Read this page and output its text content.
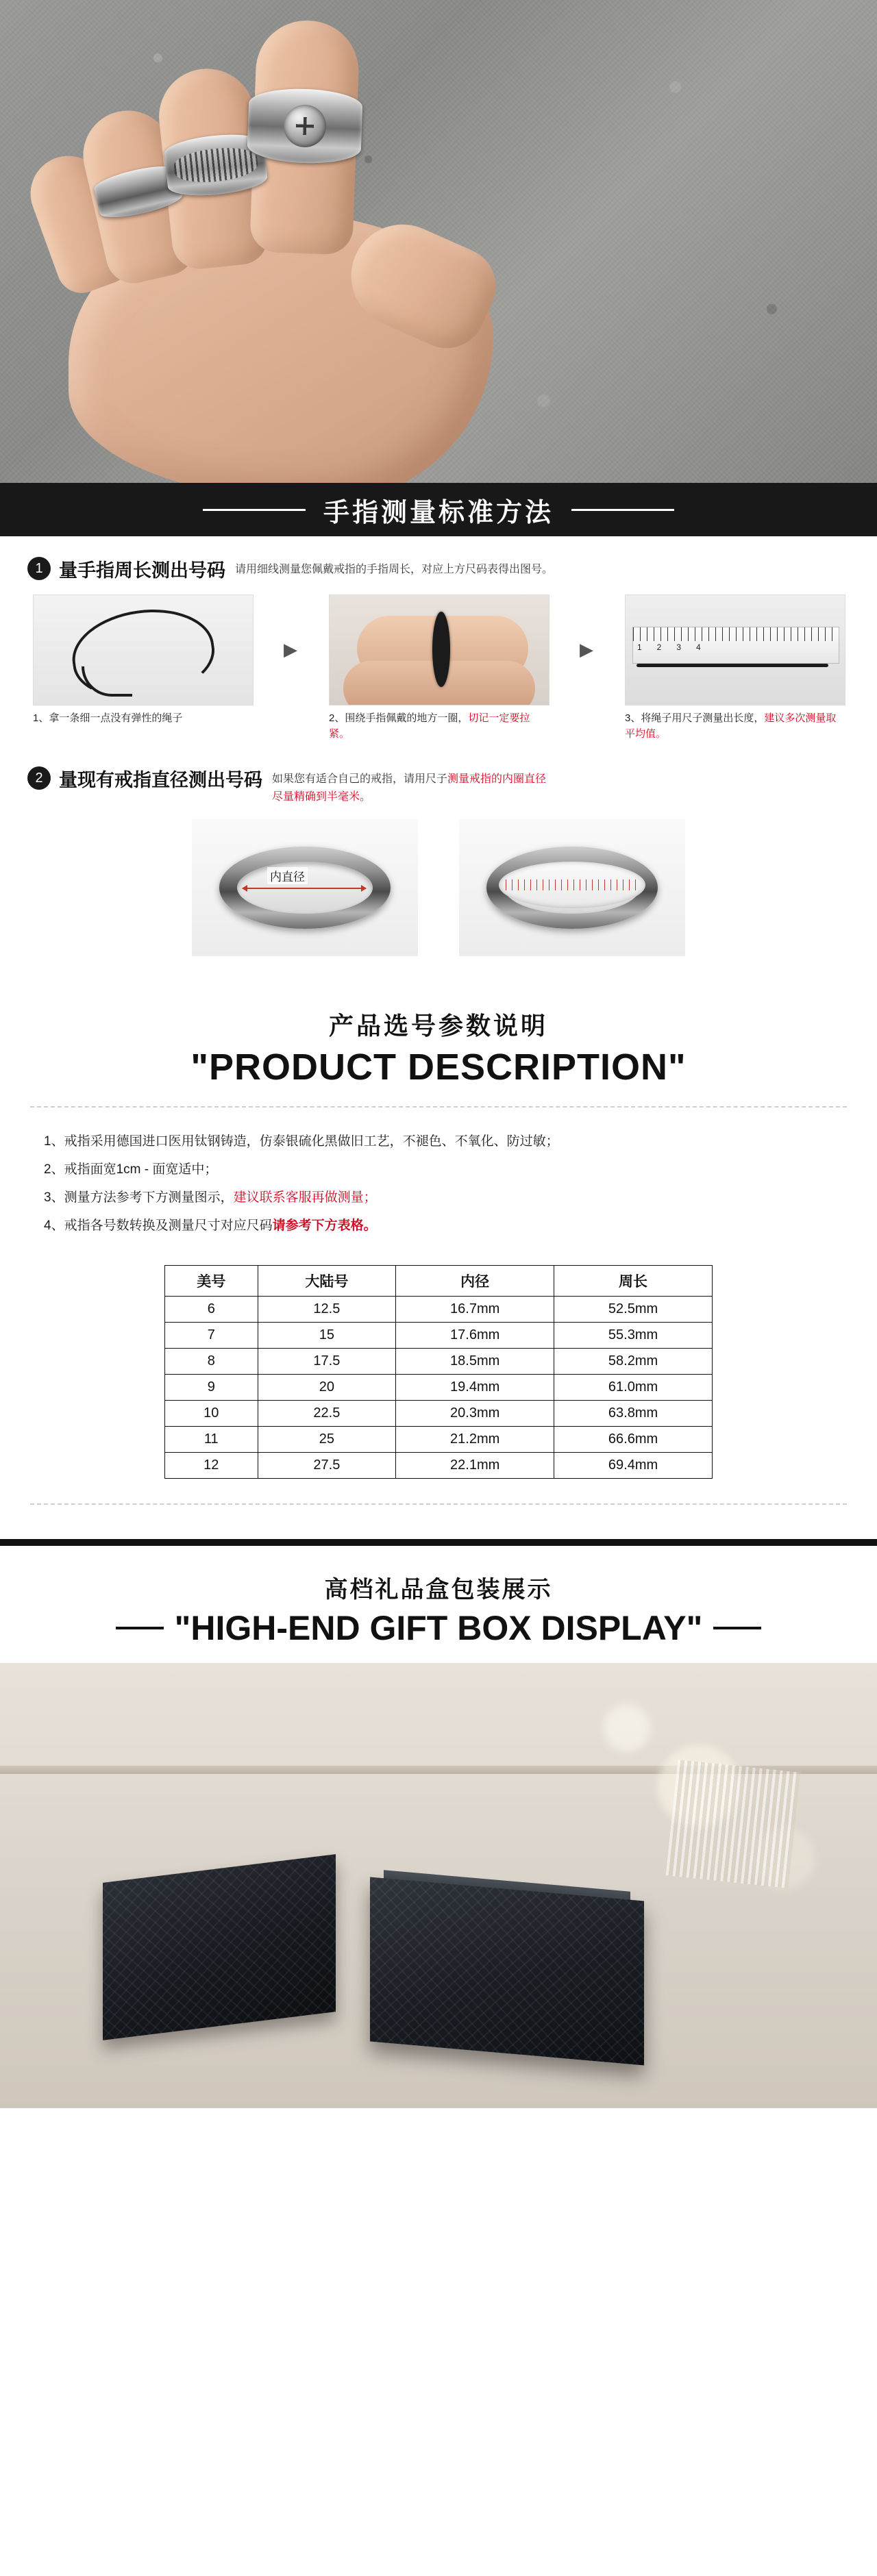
手指测量标准方法
1 量手指周长测出号码 请用细线测量您佩戴戒指的手指周长，对应上方尺码表得出图号。
1、拿一条细一点没有弹性的绳子
▶
2、围绕手指佩戴的地方一圈，切记一定要拉紧。
▶	1234
3、将绳子用尺子测量出长度，建议多次测量取平均值。
2 量现有戒指直径测出号码 如果您有适合自己的戒指，请用尺子测量戒指的内圈直径
尽量精确到半毫米。
内直径
产品选号参数说明
"PRODUCT DESCRIPTION"
1、戒指采用德国进口医用钛钢铸造，仿泰银硫化黑做旧工艺，不褪色、不氧化、防过敏；
2、戒指面宽1cm - 面宽适中；
3、测量方法参考下方测量图示，建议联系客服再做测量；
4、戒指各号数转换及测量尺寸对应尺码请参考下方表格。
美号	大陆号	内径	周长
6	12.5	16.7mm	52.5mm
7	15	17.6mm	55.3mm
8	17.5	18.5mm	58.2mm
9	20	19.4mm	61.0mm
10	22.5	20.3mm	63.8mm
11	25	21.2mm	66.6mm
12	27.5	22.1mm	69.4mm
高档礼品盒包装展示
"HIGH-END GIFT BOX DISPLAY"
